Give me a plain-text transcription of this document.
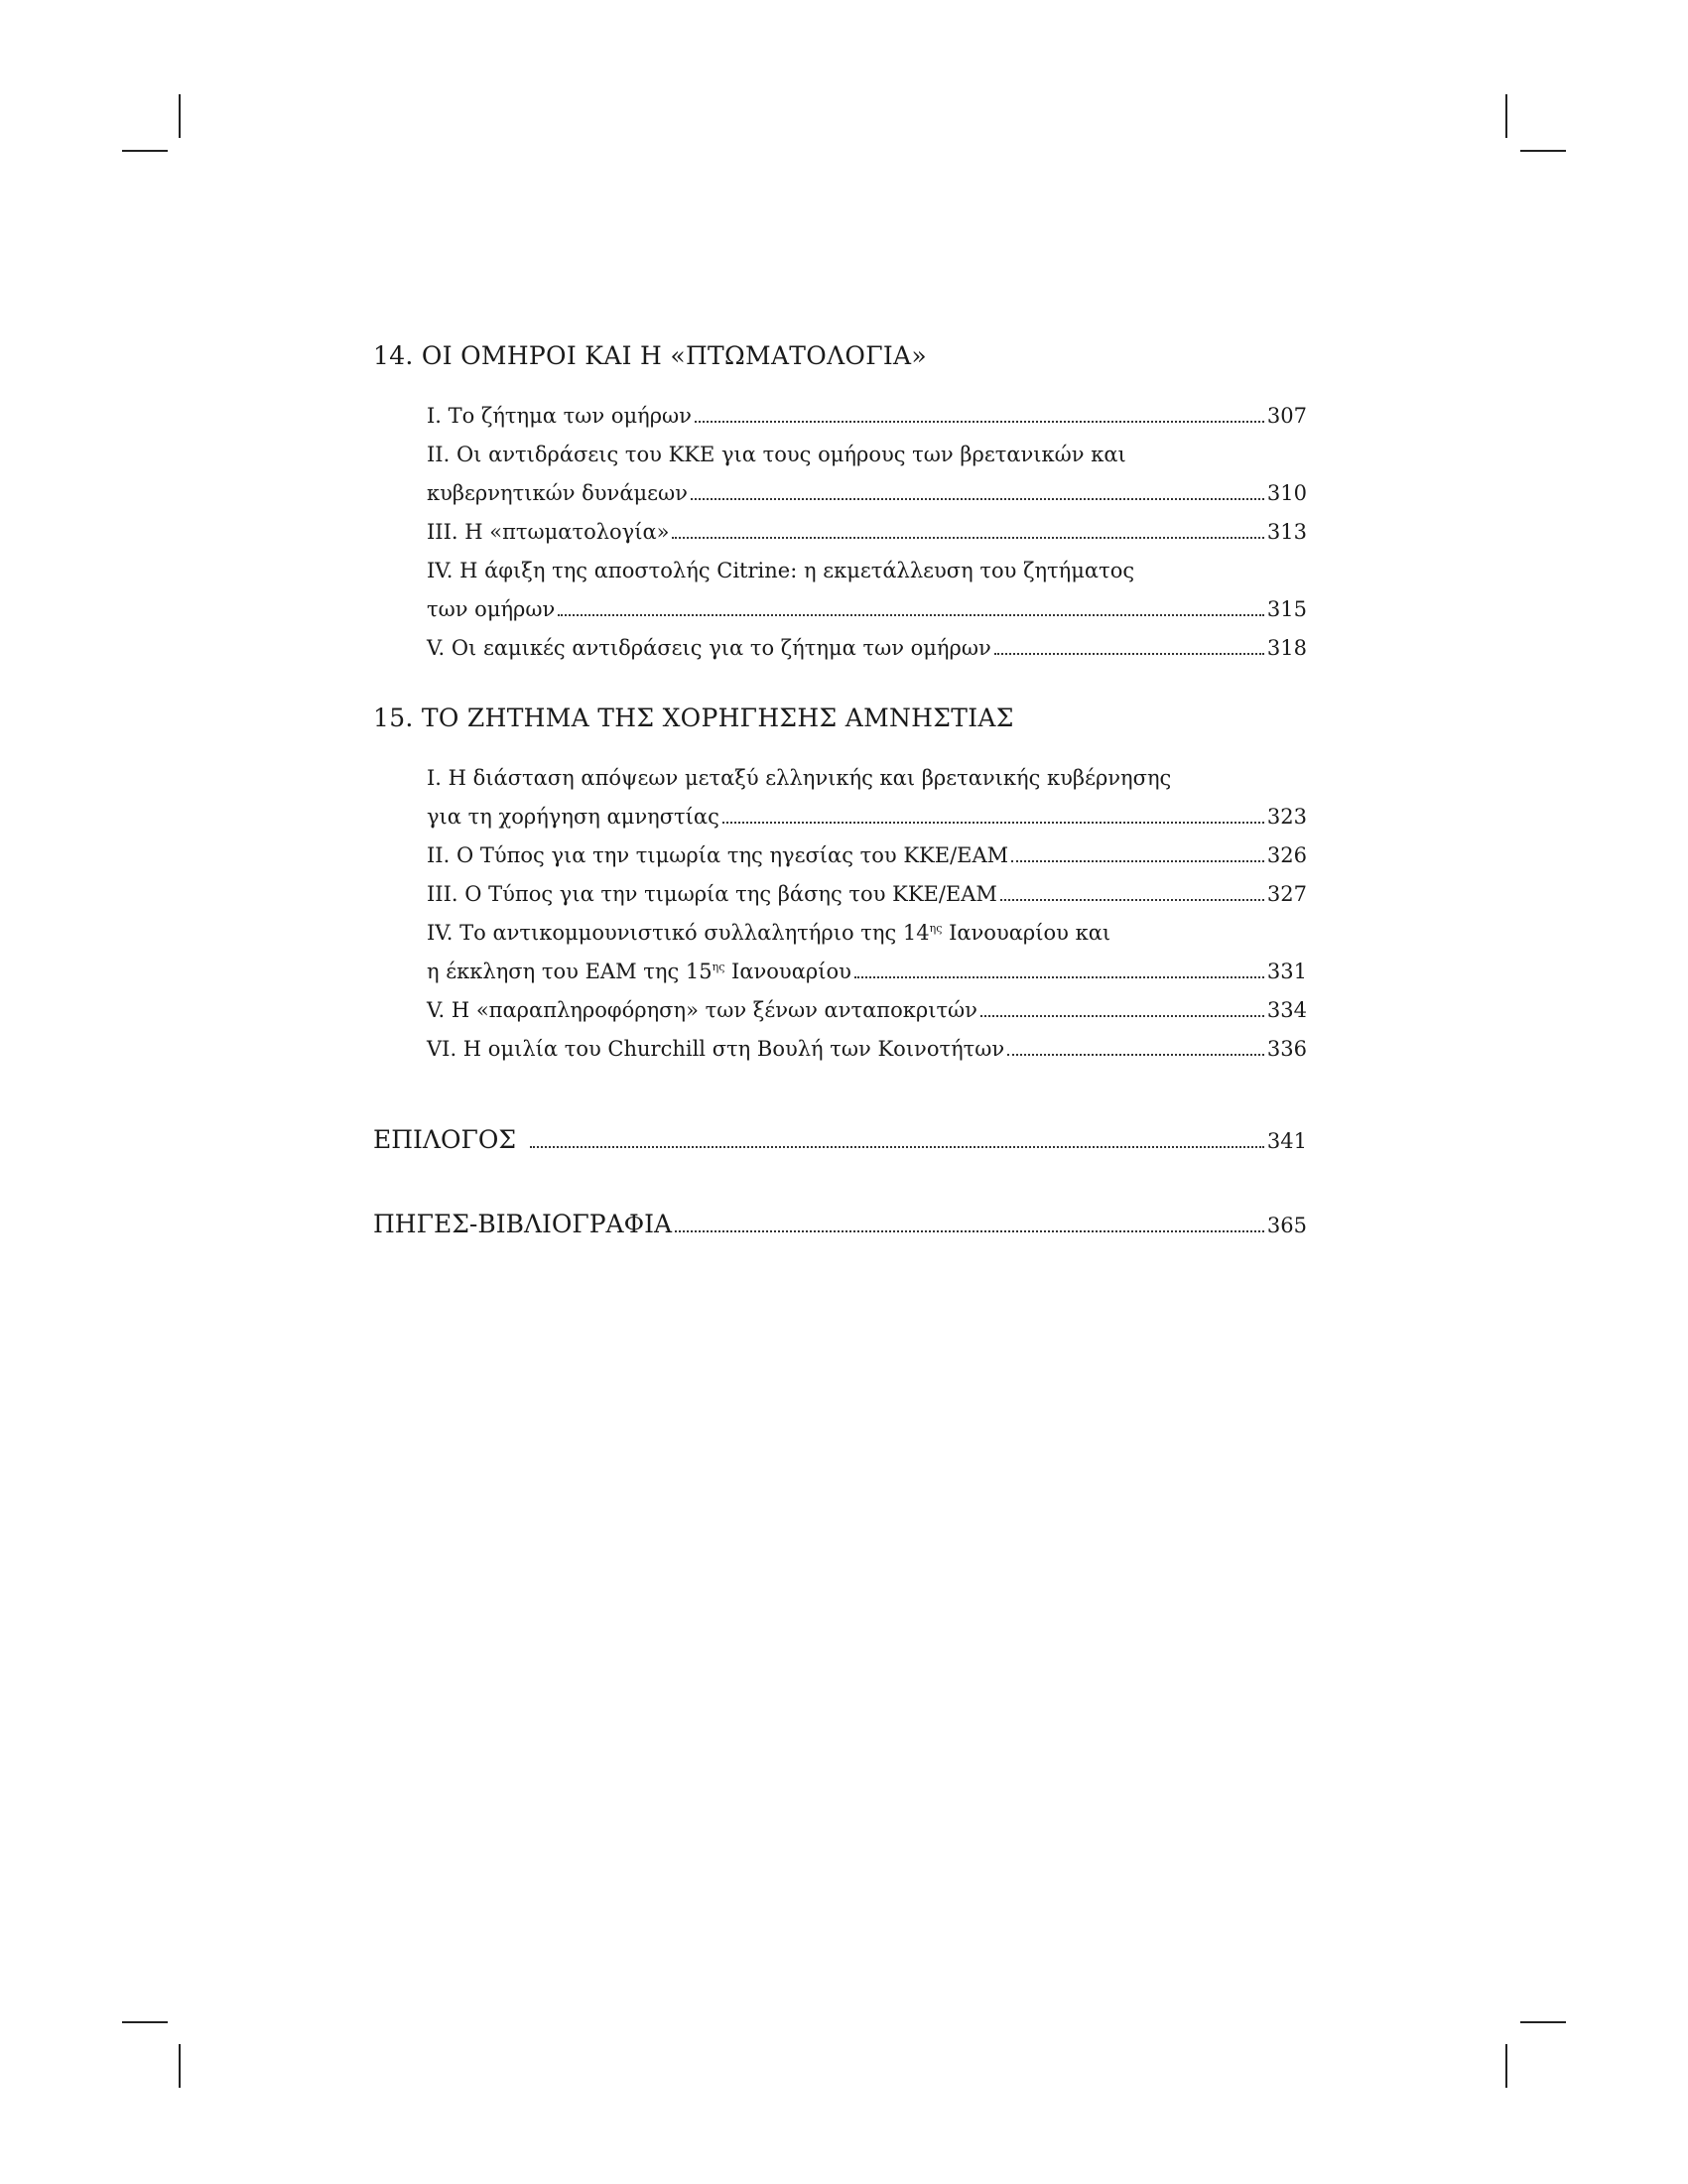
14. ΟΙ ΟΜΗΡΟΙ ΚΑΙ Η «ΠΤΩΜΑΤΟΛΟΓΙΑ»
I. Το ζήτημα των ομήρων	307
II. Οι αντιδράσεις του ΚΚΕ για τους ομήρους των βρετανικών και
κυβερνητικών δυνάμεων	310
III. Η «πτωματολογία»	313
IV. Η άφιξη της αποστολής Citrine: η εκμετάλλευση του ζητήματος
των ομήρων	315
V. Οι εαμικές αντιδράσεις για το ζήτημα των ομήρων	318
15. ΤΟ ΖΗΤΗΜΑ ΤΗΣ ΧΟΡΗΓΗΣΗΣ ΑΜΝΗΣΤΙΑΣ
I. Η διάσταση απόψεων μεταξύ ελληνικής και βρετανικής κυβέρνησης
για τη χορήγηση αμνηστίας	323
II. Ο Τύπος για την τιμωρία της ηγεσίας του ΚΚΕ/ΕΑΜ	326
III. Ο Τύπος για την τιμωρία της βάσης του ΚΚΕ/ΕΑΜ	327
IV. Το αντικομμουνιστικό συλλαλητήριο της $14^{\eta\varsigma}$ Ιανουαρίου και
η έκκληση του ΕΑΜ της $15^{\eta\varsigma}$ Ιανουαρίου	331
V. Η «παραπληροφόρηση» των ξένων ανταποκριτών	334
VI. Η ομιλία του Churchill στη Βουλή των Κοινοτήτων	336
ΕΠΙΛΟΓΟΣ	341
ΠΗΓΕΣ-ΒΙΒΛΙΟΓΡΑΦΙΑ	365
